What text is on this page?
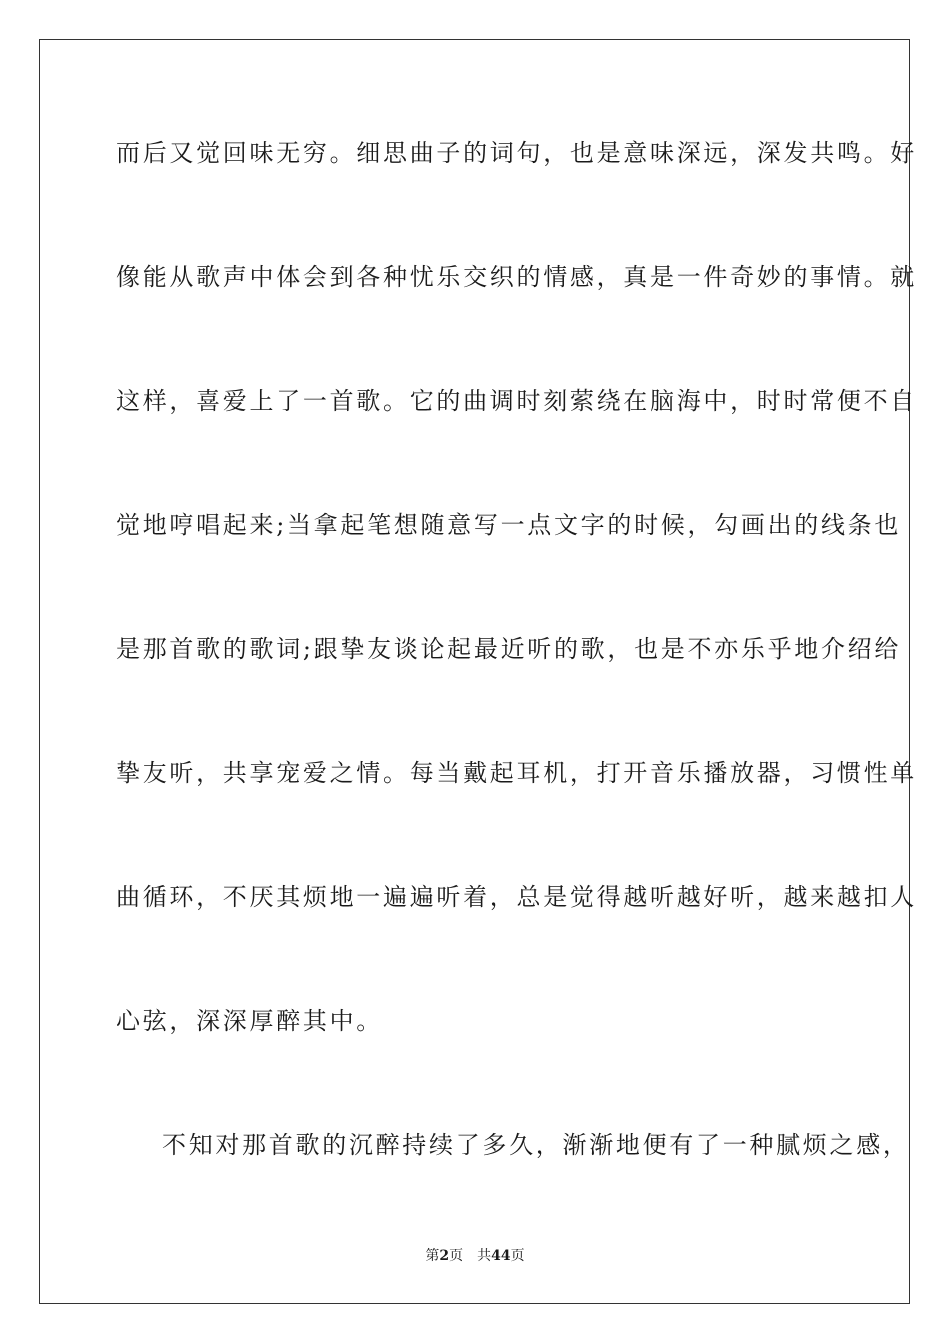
而后又觉回味无穷。细思曲子的词句，也是意味深远，深发共鸣。好
像能从歌声中体会到各种忧乐交织的情感，真是一件奇妙的事情。就
这样，喜爱上了一首歌。它的曲调时刻萦绕在脑海中，时时常便不自
觉地哼唱起来;当拿起笔想随意写一点文字的时候，勾画出的线条也
是那首歌的歌词;跟挚友谈论起最近听的歌，也是不亦乐乎地介绍给
挚友听，共享宠爱之情。每当戴起耳机，打开音乐播放器，习惯性单
曲循环，不厌其烦地一遍遍听着，总是觉得越听越好听，越来越扣人
心弦，深深厚醉其中。
不知对那首歌的沉醉持续了多久，渐渐地便有了一种腻烦之感，
第2页 共44页
